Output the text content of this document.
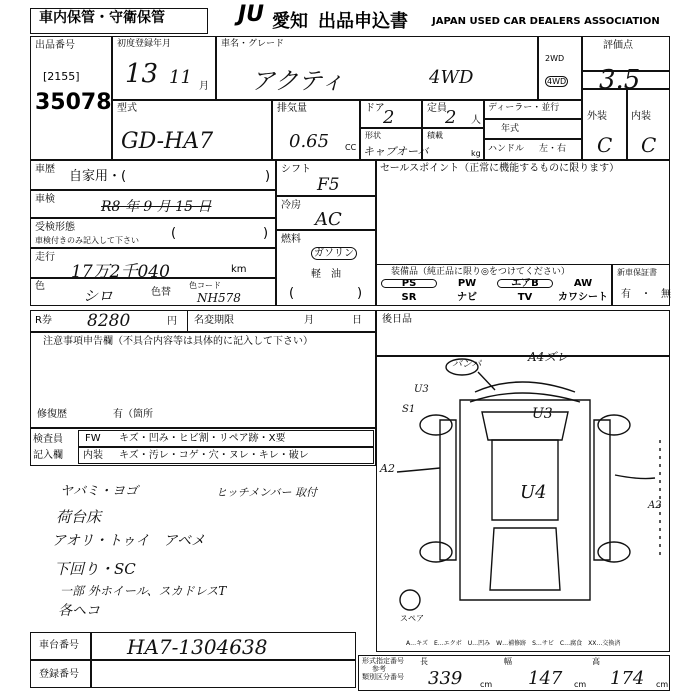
車内保管・守衛保管	JU 愛知 出品申込書 JAPAN USED CAR DEALERS ASSOCIATION
出品番号
[2155]
35078
初度登録年月
13 11 月
車名・グレード
アクティ	4WD
2WD
4WD
評価点
3.5
外装 内装
C C
型式
GD-HA7
排気量
0.65 CC
ドア
2	定員
2 人
形状
キャブオーバ
積載
kg
ディーラー・並行
年式
ハンドル 左・右
車歴 自家用・(	)
車検	R8 年 9 月 15 日
受検形態
車検付きのみ記入して下さい (	)
走行
17万2千040	km
色
シロ	色替
色コード
NH578
シフト
F5
冷房
AC
燃料
ガソリン
軽　油
(	)
セールスポイント（正常に機能するものに限ります）
装備品（純正品に限り◎をつけてください）
PS	PW	エアB	AW
SR	ナビ	TV	カワシート
新車保証書
有　・　無
R券 8280	円 名変期限	月	日 後日品
注意事項申告欄（不具合内容等は具体的に記入して下さい）
修復歴	有（箇所
検査員
記入欄
FW キズ・凹み・ヒビ割・リペア跡・X要
内装 キズ・汚レ・コゲ・穴・ヌレ・キレ・破レ
ヤバミ・ヨゴ
荷台床
アオリ・トゥイ　アベメ
下回り・SC
一部 外ホイール、スカドレスT
各ヘコ
ヒッチメンバー 取付
A4ズレ
バンパ
U3
S1	U3
U4
A2
A2
スペア
A…キズ　E…エクボ　U…凹み　W…補修跡　S…サビ　C…腐食　XX…交換済
車台番号 HA7-1304638
登録番号
形式指定番号
参考
類別区分番号
長
339 cm
幅
147 cm
高
174 cm
